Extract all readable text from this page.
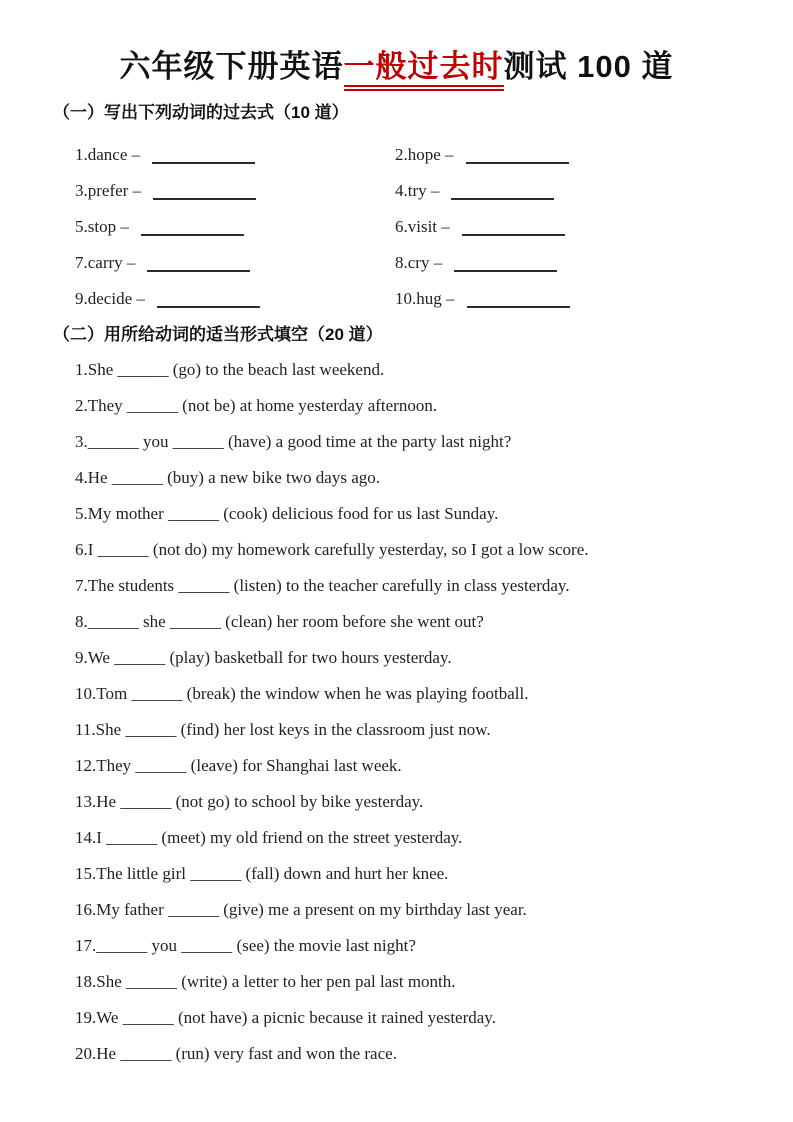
六年级下册英语一般过去时测试 100 道
（一）写出下列动词的过去式（10 道）
1.dance –	2.hope –
3.prefer –	4.try –
5.stop –	6.visit –
7.carry –	8.cry –
9.decide –	10.hug –
（二）用所给动词的适当形式填空（20 道）
1.She ______ (go) to the beach last weekend.
2.They ______ (not be) at home yesterday afternoon.
3.______ you ______ (have) a good time at the party last night?
4.He ______ (buy) a new bike two days ago.
5.My mother ______ (cook) delicious food for us last Sunday.
6.I ______ (not do) my homework carefully yesterday, so I got a low score.
7.The students ______ (listen) to the teacher carefully in class yesterday.
8.______ she ______ (clean) her room before she went out?
9.We ______ (play) basketball for two hours yesterday.
10.Tom ______ (break) the window when he was playing football.
11.She ______ (find) her lost keys in the classroom just now.
12.They ______ (leave) for Shanghai last week.
13.He ______ (not go) to school by bike yesterday.
14.I ______ (meet) my old friend on the street yesterday.
15.The little girl ______ (fall) down and hurt her knee.
16.My father ______ (give) me a present on my birthday last year.
17.______ you ______ (see) the movie last night?
18.She ______ (write) a letter to her pen pal last month.
19.We ______ (not have) a picnic because it rained yesterday.
20.He ______ (run) very fast and won the race.
